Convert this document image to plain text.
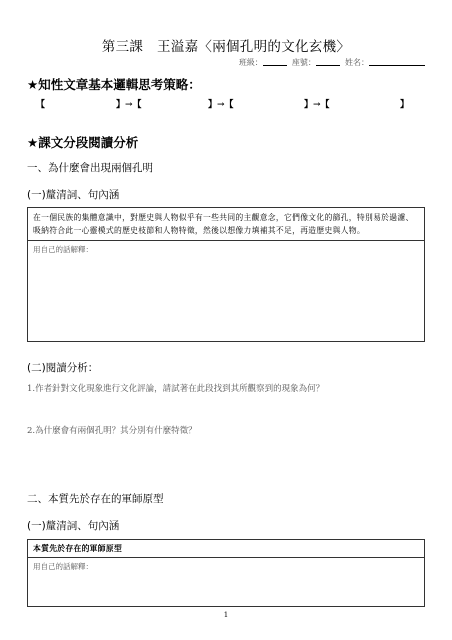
第三課　王溢嘉〈兩個孔明的文化玄機〉
班級：	座號：	姓名：
★知性文章基本邏輯思考策略：
【	】→【	】→【	】→【	】
★課文分段閱讀分析
一、為什麼會出現兩個孔明
(一)釐清詞、句內涵
在一個民族的集體意識中，對歷史與人物似乎有一些共同的主觀意念，它們像文化的篩孔，特別易於過濾、吸納符合此一心靈模式的歷史枝節和人物特徵，然後以想像力填補其不足，再造歷史與人物。
用自己的話解釋：
(二)閱讀分析：
1.作者針對文化現象進行文化評論，請試著在此段找到其所觀察到的現象為何？
2.為什麼會有兩個孔明？其分別有什麼特徵？
二、本質先於存在的軍師原型
(一)釐清詞、句內涵
本質先於存在的軍師原型
用自己的話解釋：
1
